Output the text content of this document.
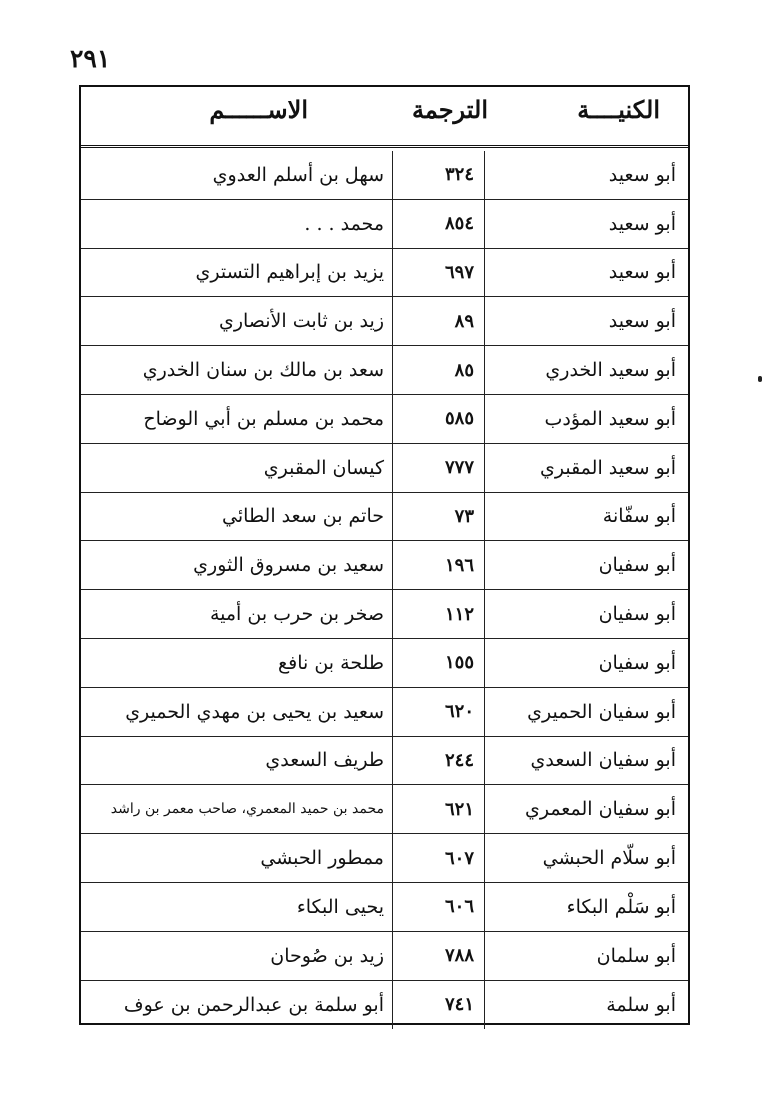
٢٩١
الكنيــــة
الترجمة
الاســــــم
أبو سعيد
٣٢٤
سهل بن أسلم العدوي
أبو سعيد
٨٥٤
محمد . . .
أبو سعيد
٦٩٧
يزيد بن إبراهيم التستري
أبو سعيد
٨٩
زيد بن ثابت الأنصاري
أبو سعيد الخدري
٨٥
سعد بن مالك بن سنان الخدري
أبو سعيد المؤدب
٥٨٥
محمد بن مسلم بن أبي الوضاح
أبو سعيد المقبري
٧٧٧
كيسان المقبري
أبو سفّانة
٧٣
حاتم بن سعد الطائي
أبو سفيان
١٩٦
سعيد بن مسروق الثوري
أبو سفيان
١١٢
صخر بن حرب بن أمية
أبو سفيان
١٥٥
طلحة بن نافع
أبو سفيان الحميري
٦٢٠
سعيد بن يحيى بن مهدي الحميري
أبو سفيان السعدي
٢٤٤
طريف السعدي
أبو سفيان المعمري
٦٢١
محمد بن حميد المعمري، صاحب معمر بن راشد
أبو سلّام الحبشي
٦٠٧
ممطور الحبشي
أبو سَلْم البكاء
٦٠٦
يحيى البكاء
أبو سلمان
٧٨٨
زيد بن صُوحان
أبو سلمة
٧٤١
أبو سلمة بن عبدالرحمن بن عوف
